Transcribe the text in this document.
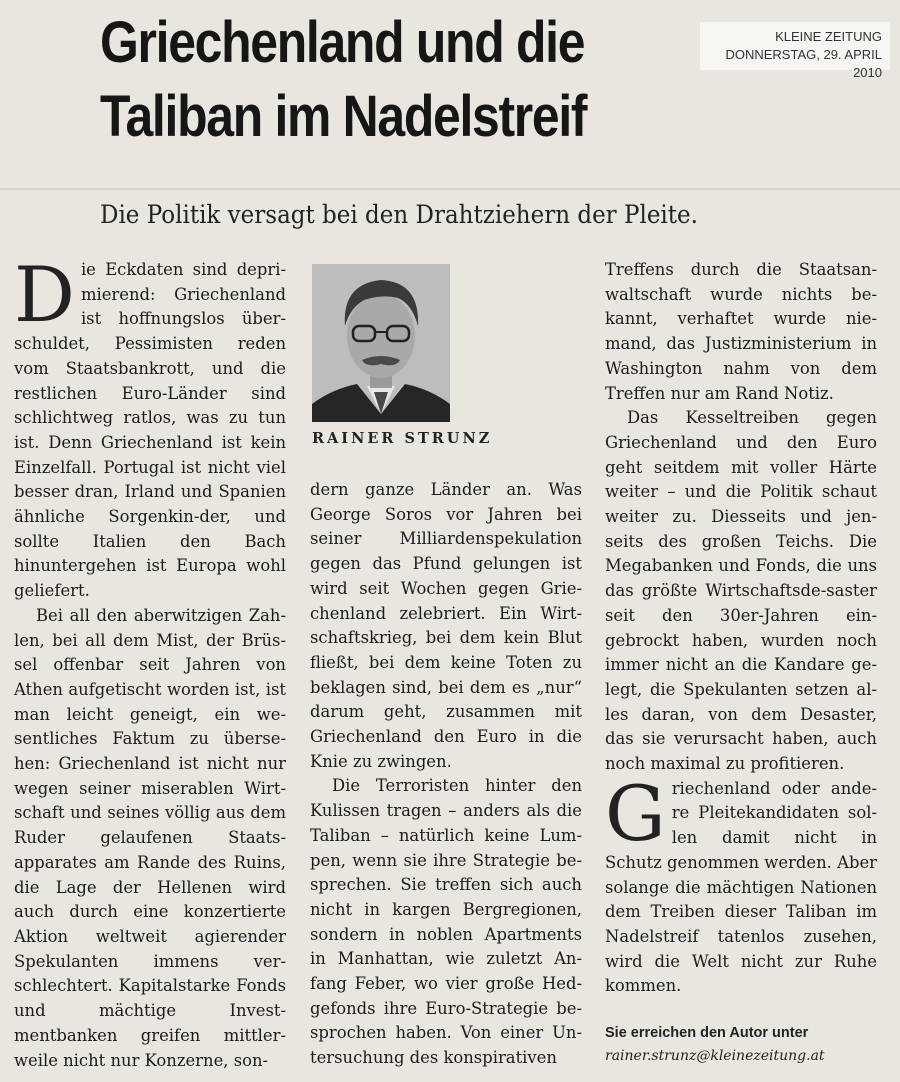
Griechenland und die
Taliban im Nadelstreif
KLEINE ZEITUNG
DONNERSTAG, 29. APRIL 2010
Die Politik versagt bei den Drahtziehern der Pleite.

Die Eckdaten sind depri-mierend: Griechenland ist hoffnungslos über-schuldet, Pessimisten reden vom Staatsbankrott, und die restlichen Euro-Länder sind schlichtweg ratlos, was zu tun ist. Denn Griechenland ist kein Einzelfall. Portugal ist nicht viel besser dran, Irland und Spanien ähnliche Sorgenkin-der, und sollte Italien den Bach hinuntergehen ist Europa wohl geliefert.

Bei all den aberwitzigen Zah-len, bei all dem Mist, der Brüs-sel offenbar seit Jahren von Athen aufgetischt worden ist, ist man leicht geneigt, ein we-sentliches Faktum zu überse-hen: Griechenland ist nicht nur wegen seiner miserablen Wirt-schaft und seines völlig aus dem Ruder gelaufenen Staats-apparates am Rande des Ruins, die Lage der Hellenen wird auch durch eine konzertierte Aktion weltweit agierender Spekulanten immens ver-schlechtert. Kapitalstarke Fonds und mächtige Invest-mentbanken greifen mittler-weile nicht nur Konzerne, son-

RAINER STRUNZ

dern ganze Länder an. Was George Soros vor Jahren bei seiner Milliardenspekulation gegen das Pfund gelungen ist wird seit Wochen gegen Grie-chenland zelebriert. Ein Wirt-schaftskrieg, bei dem kein Blut fließt, bei dem keine Toten zu beklagen sind, bei dem es „nur“ darum geht, zusammen mit Griechenland den Euro in die Knie zu zwingen.

Die Terroristen hinter den Kulissen tragen – anders als die Taliban – natürlich keine Lum-pen, wenn sie ihre Strategie be-sprechen. Sie treffen sich auch nicht in kargen Bergregionen, sondern in noblen Apartments in Manhattan, wie zuletzt An-fang Feber, wo vier große Hed-gefonds ihre Euro-Strategie be-sprochen haben. Von einer Un-tersuchung des konspirativen

Treffens durch die Staatsan-waltschaft wurde nichts be-kannt, verhaftet wurde nie-mand, das Justizministerium in Washington nahm von dem Treffen nur am Rand Notiz.

Das Kesseltreiben gegen Griechenland und den Euro geht seitdem mit voller Härte weiter – und die Politik schaut weiter zu. Diesseits und jen-seits des großen Teichs. Die Megabanken und Fonds, die uns das größte Wirtschaftsde-saster seit den 30er-Jahren ein-gebrockt haben, wurden noch immer nicht an die Kandare ge-legt, die Spekulanten setzen al-les daran, von dem Desaster, das sie verursacht haben, auch noch maximal zu profitieren.

Griechenland oder ande-re Pleitekandidaten sol-len damit nicht in Schutz genommen werden. Aber solange die mächtigen Nationen dem Treiben dieser Taliban im Nadelstreif tatenlos zusehen, wird die Welt nicht zur Ruhe kommen.

Sie erreichen den Autor unter
rainer.strunz@kleinezeitung.at
